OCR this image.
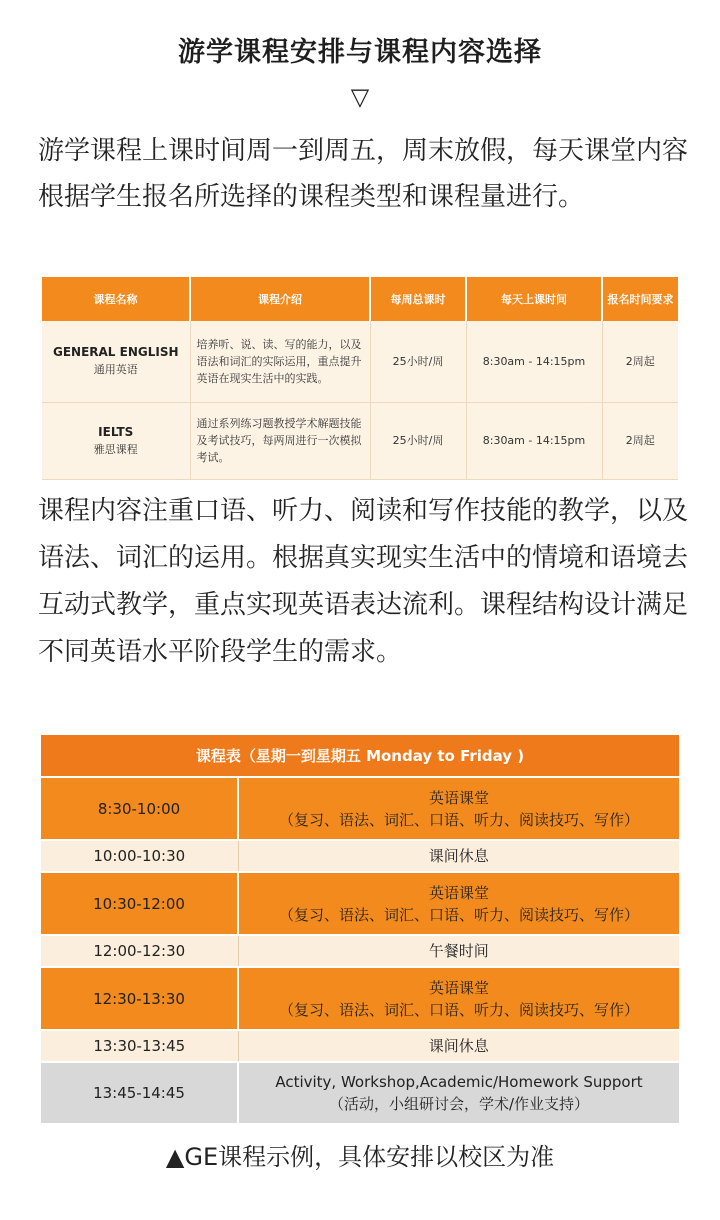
游学课程安排与课程内容选择
▽
游学课程上课时间周一到周五，周末放假，每天课堂内容根据学生报名所选择的课程类型和课程量进行。
课程名称	课程介绍	每周总课时	每天上课时间	报名时间要求

GENERAL ENGLISH
通用英语	培养听、说、读、写的能力，以及语法和词汇的实际运用，重点提升英语在现实生活中的实践。	25小时/周	8:30am - 14:15pm	2周起

IELTS
雅思课程	通过系列练习题教授学术解题技能及考试技巧，每两周进行一次模拟考试。	25小时/周	8:30am - 14:15pm	2周起
课程内容注重口语、听力、阅读和写作技能的教学，以及语法、词汇的运用。根据真实现实生活中的情境和语境去互动式教学，重点实现英语表达流利。课程结构设计满足不同英语水平阶段学生的需求。
课程表（星期一到星期五 Monday to Friday )	
8:30-10:00	英语课堂
（复习、语法、词汇、口语、听力、阅读技巧、写作）

10:00-10:30	课间休息
10:30-12:00	英语课堂
（复习、语法、词汇、口语、听力、阅读技巧、写作）

12:00-12:30	午餐时间
12:30-13:30	英语课堂
（复习、语法、词汇、口语、听力、阅读技巧、写作）

13:30-13:45	课间休息
13:45-14:45	Activity, Workshop,Academic/Homework Support
（活动，小组研讨会，学术/作业支持）
▲GE课程示例，具体安排以校区为准
